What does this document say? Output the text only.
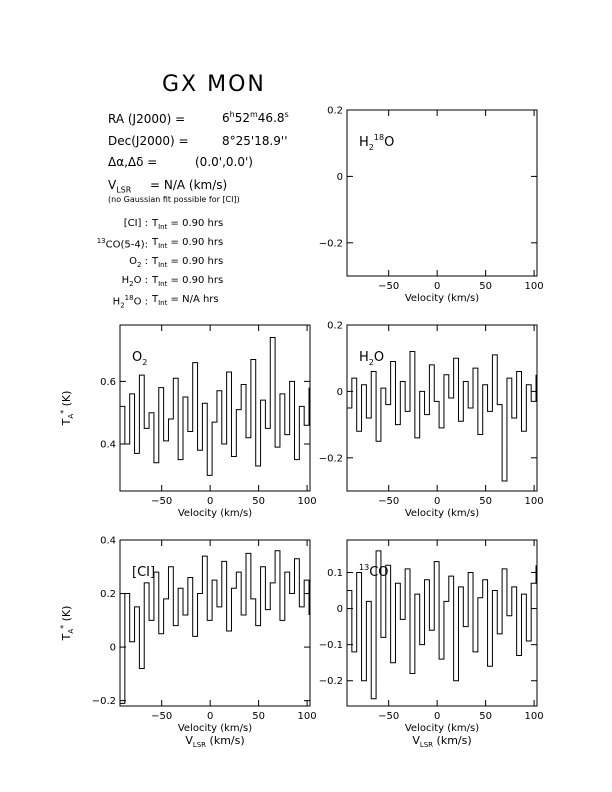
GX MON
RA (J2000) =	$6^h52^m46.8^s$
Dec(J2000) =	8°25'18.9''
Δα,Δδ =	(0.0',0.0')
$V_{LSR} = N/A$ (km/s)
(no Gaussian fit possible for [CI])
[CI] : $T_{Int} = 0.90$ hrs
$^{13}$CO(5-4): $T_{Int} = 0.90$ hrs
$O_2$ : $T_{Int} = 0.90$ hrs
$H_2O$ : $T_{Int} = 0.90$ hrs
$H_2^{18}O$ : $T_{Int} = N/A$ hrs
−50	0	50	100
−0.2
0
0.2
Velocity (km/s)
$H_2^{18}O$
−50	0	50	100
0.4
0.6
Velocity (km/s)
$T_A^*$ (K)
$O_2$
−50	0	50	100
−0.2
0
0.2
Velocity (km/s)
$H_2O$
−50	0	50	100
−0.2
0
0.2
0.4
Velocity (km/s)
$V_{LSR}$ (km/s)
$T_A^*$ (K)
[CI]
−50	0	50	100
−0.2
−0.1
0
0.1
Velocity (km/s)
$V_{LSR}$ (km/s)
$^{13}$CO
